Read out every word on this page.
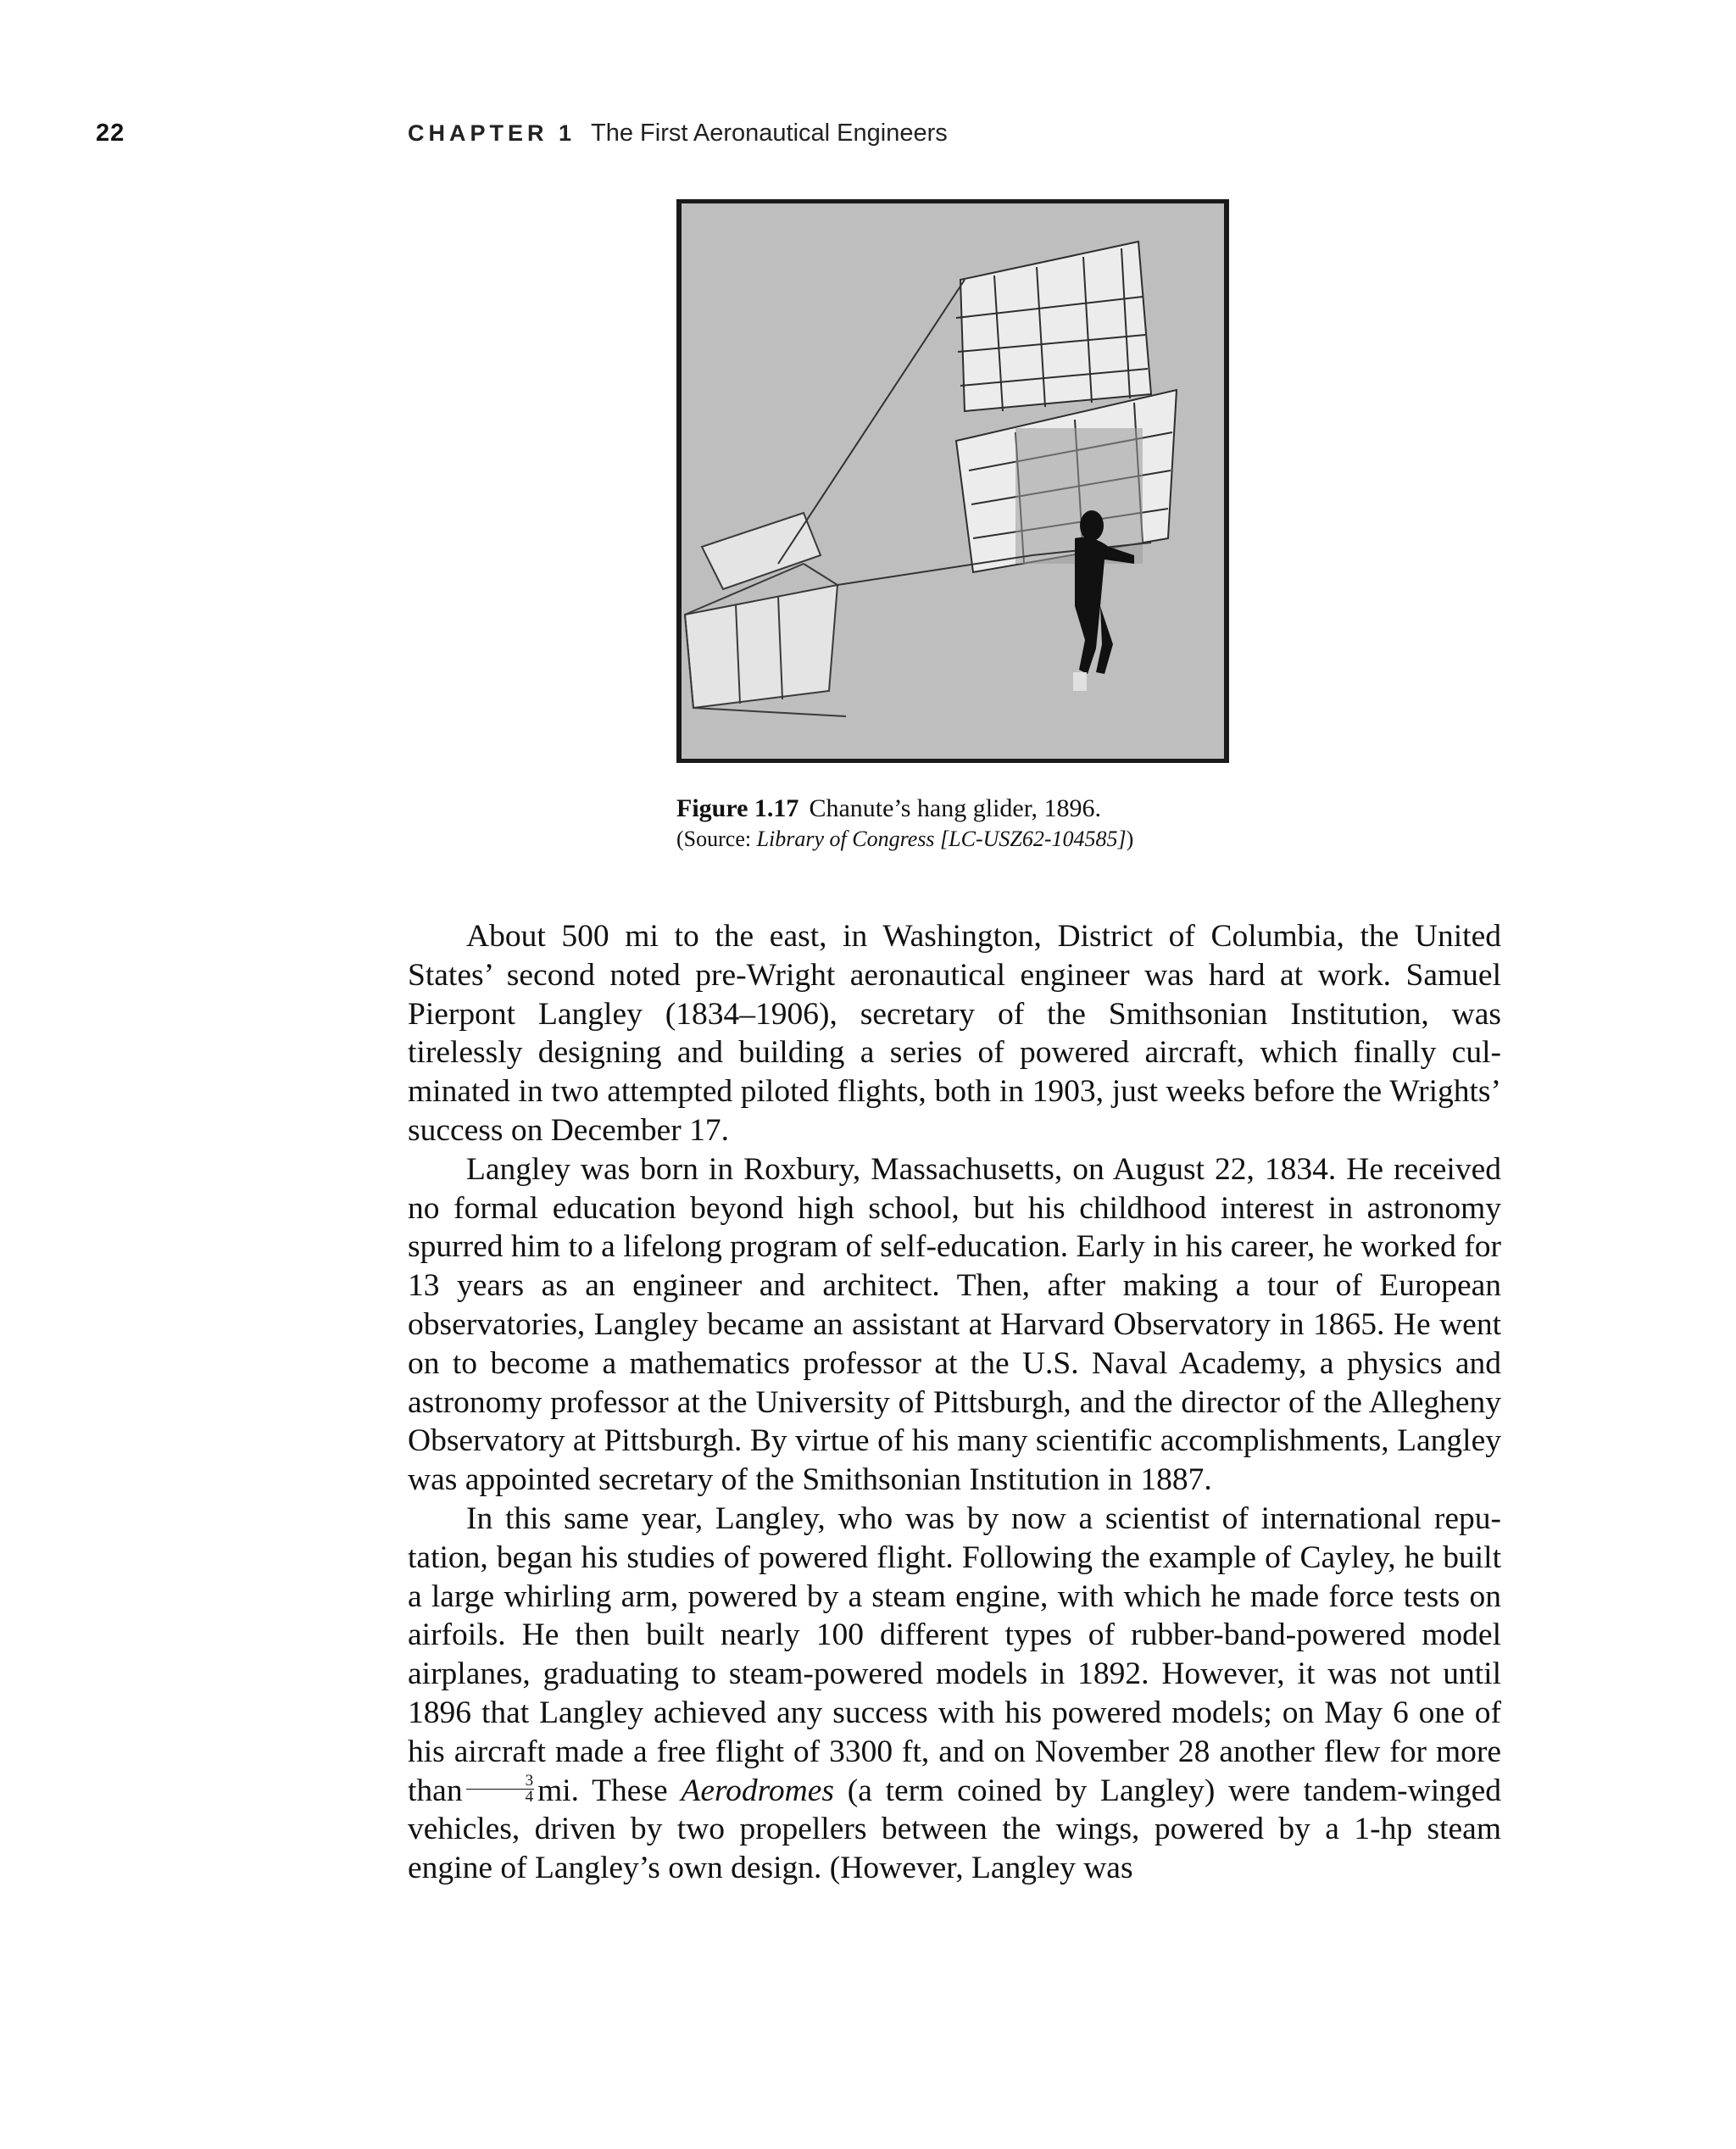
22	CHAPTER 1 The First Aeronautical Engineers
Figure 1.17 Chanute’s hang glider, 1896.
(Source: Library of Congress [LC-USZ62-104585])

About 500 mi to the east, in Washington, District of Columbia, the United States’ second noted pre-Wright aeronautical engineer was hard at work. Samuel Pierpont Langley (1834–1906), secretary of the Smithsonian Institution, was tirelessly designing and building a series of powered aircraft, which finally culminated in two attempted piloted flights, both in 1903, just weeks before the Wrights’ success on December 17.

Langley was born in Roxbury, Massachusetts, on August 22, 1834. He received no formal education beyond high school, but his childhood interest in astronomy spurred him to a lifelong program of self-education. Early in his career, he worked for 13 years as an engineer and architect. Then, after making a tour of European observatories, Langley became an assistant at Harvard Observatory in 1865. He went on to become a mathematics professor at the U.S. Naval Academy, a physics and astronomy professor at the University of Pittsburgh, and the director of the Allegheny Observatory at Pittsburgh. By virtue of his many scientific accomplishments, Langley was appointed secretary of the Smithsonian Institution in 1887.

In this same year, Langley, who was by now a scientist of international reputation, began his studies of powered flight. Following the example of Cayley, he built a large whirling arm, powered by a steam engine, with which he made force tests on airfoils. He then built nearly 100 different types of rubber-band-powered model airplanes, graduating to steam-powered models in 1892. However, it was not until 1896 that Langley achieved any success with his powered models; on May 6 one of his aircraft made a free flight of 3300 ft, and on November 28 another flew for more than $\frac{3}{4}$ mi. These Aerodromes (a term coined by Langley) were tandem-winged vehicles, driven by two propellers between the wings, powered by a 1-hp steam engine of Langley’s own design. (However, Langley was
